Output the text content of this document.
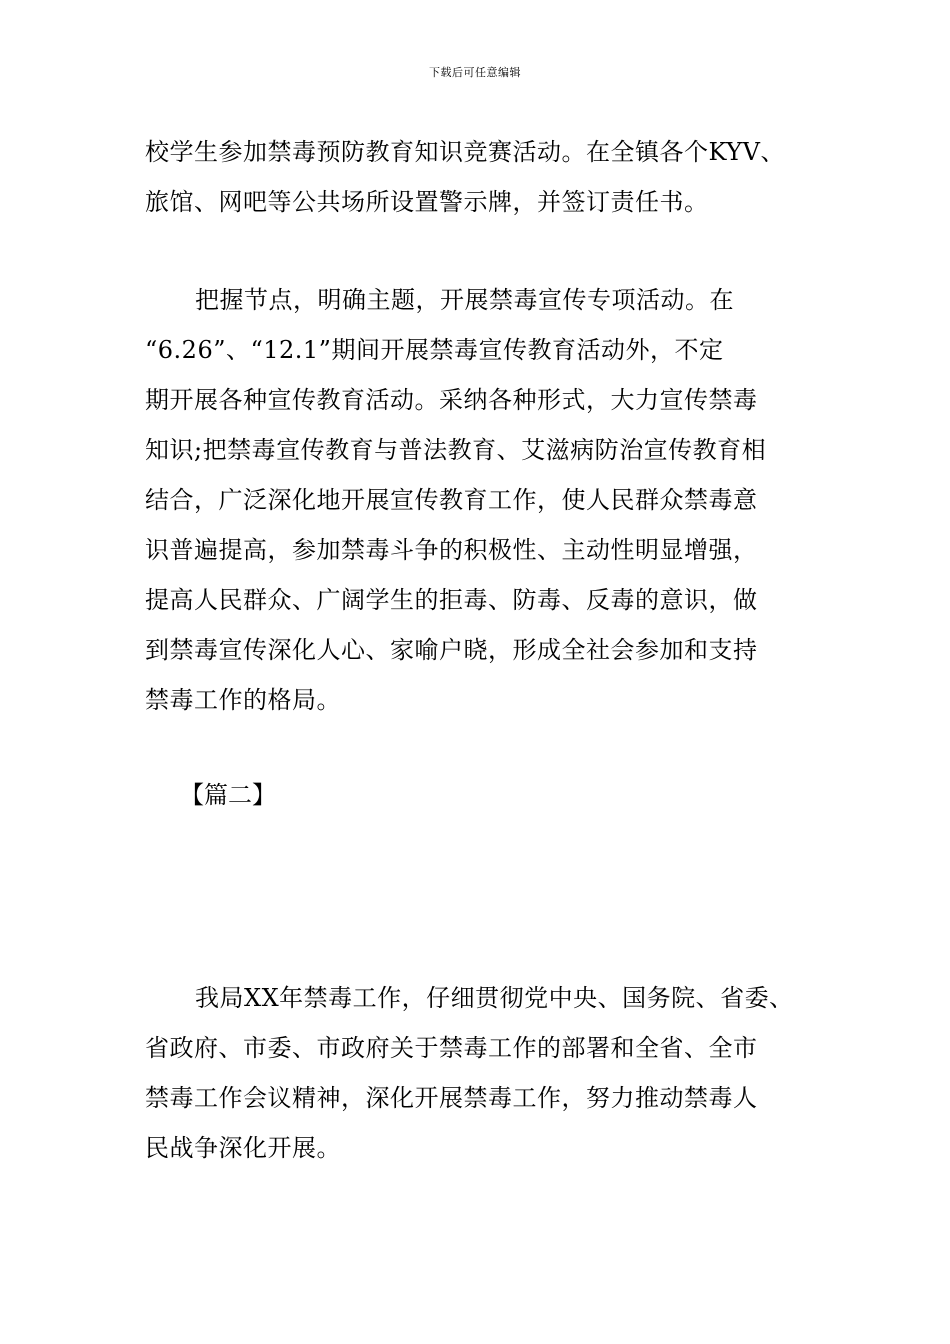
下载后可任意编辑

校学生参加禁毒预防教育知识竞赛活动。在全镇各个KYV、
旅馆、网吧等公共场所设置警示牌，并签订责任书。

把握节点，明确主题，开展禁毒宣传专项活动。在
“6.26”、“12.1”期间开展禁毒宣传教育活动外，不定
期开展各种宣传教育活动。采纳各种形式，大力宣传禁毒
知识;把禁毒宣传教育与普法教育、艾滋病防治宣传教育相
结合，广泛深化地开展宣传教育工作，使人民群众禁毒意
识普遍提高，参加禁毒斗争的积极性、主动性明显增强，
提高人民群众、广阔学生的拒毒、防毒、反毒的意识，做
到禁毒宣传深化人心、家喻户晓，形成全社会参加和支持
禁毒工作的格局。

【篇二】

我局XX年禁毒工作，仔细贯彻党中央、国务院、省委、
省政府、市委、市政府关于禁毒工作的部署和全省、全市
禁毒工作会议精神，深化开展禁毒工作，努力推动禁毒人
民战争深化开展。
